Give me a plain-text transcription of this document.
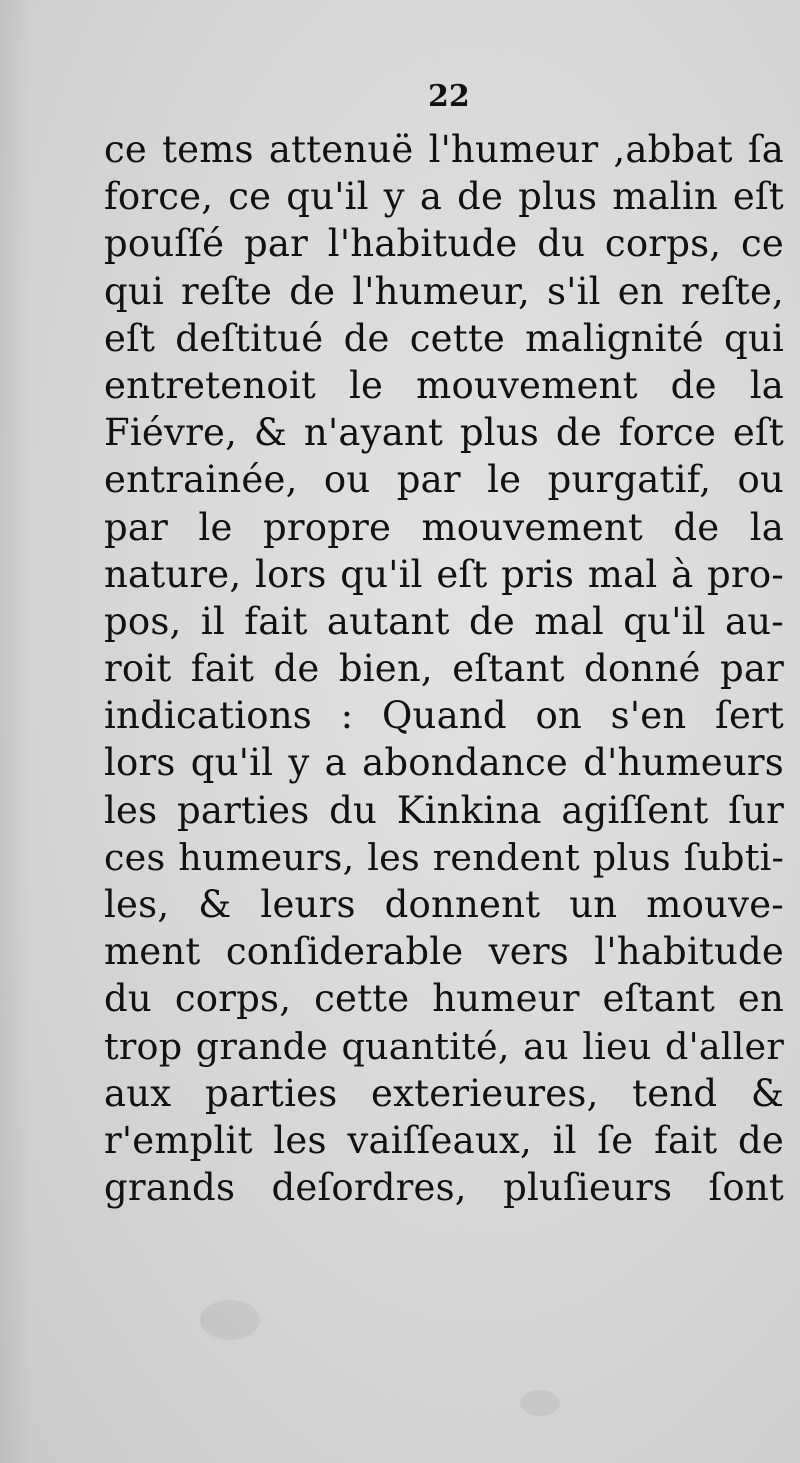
22
ce tems attenuë l'humeur ,abbat ſa
force, ce qu'il y a de plus malin eſt
pouſſé par l'habitude du corps, ce
qui reſte de l'humeur, s'il en reſte,
eſt deſtitué de cette malignité qui
entretenoit le mouvement de la
Fiévre, & n'ayant plus de force eſt
entrainée, ou par le purgatif, ou
par le propre mouvement de la
nature, lors qu'il eſt pris mal à pro-
pos, il fait autant de mal qu'il au-
roit fait de bien, eſtant donné par
indications : Quand on s'en ſert
lors qu'il y a abondance d'humeurs
les parties du Kinkina agiſſent ſur
ces humeurs, les rendent plus ſubti-
les, & leurs donnent un mouve-
ment conſiderable vers l'habitude
du corps, cette humeur eſtant en
trop grande quantité, au lieu d'aller
aux parties exterieures, tend &
r'emplit les vaiſſeaux, il ſe fait de
grands deſordres, pluſieurs ſont
